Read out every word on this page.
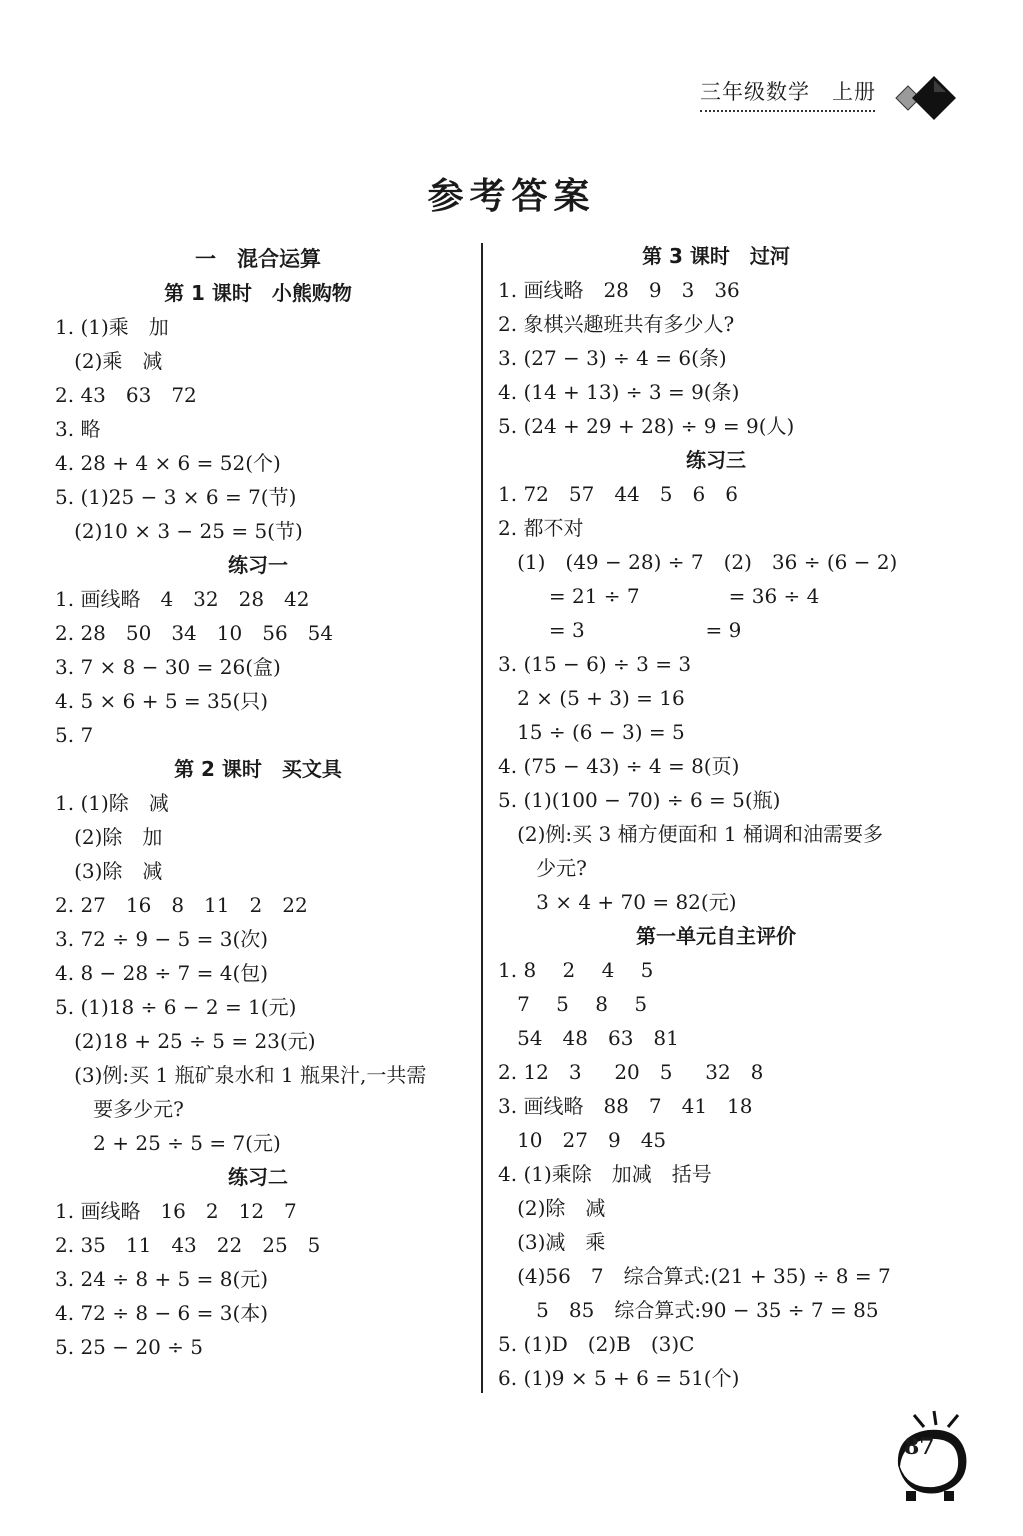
三年级数学　上册
参考答案
一　混合运算
第 1 课时　小熊购物
1. (1)乘　加
(2)乘　减
2. 43　63　72
3. 略
4. 28 + 4 × 6 = 52(个)
5. (1)25 − 3 × 6 = 7(节)
(2)10 × 3 − 25 = 5(节)
练习一
1. 画线略　4　32　28　42
2. 28　50　34　10　56　54
3. 7 × 8 − 30 = 26(盒)
4. 5 × 6 + 5 = 35(只)
5. 7
第 2 课时　买文具
1. (1)除　减
(2)除　加
(3)除　减
2. 27　16　8　11　2　22
3. 72 ÷ 9 − 5 = 3(次)
4. 8 − 28 ÷ 7 = 4(包)
5. (1)18 ÷ 6 − 2 = 1(元)
(2)18 + 25 ÷ 5 = 23(元)
(3)例:买 1 瓶矿泉水和 1 瓶果汁,一共需
要多少元?
2 + 25 ÷ 5 = 7(元)
练习二
1. 画线略　16　2　12　7
2. 35　11　43　22　25　5
3. 24 ÷ 8 + 5 = 8(元)
4. 72 ÷ 8 − 6 = 3(本)
5. 25 − 20 ÷ 5
第 3 课时　过河
1. 画线略　28　9　3　36
2. 象棋兴趣班共有多少人?
3. (27 − 3) ÷ 4 = 6(条)
4. (14 + 13) ÷ 3 = 9(条)
5. (24 + 29 + 28) ÷ 9 = 9(人)
练习三
1. 72　57　44　5　6　6
2. 都不对
(1)　(49 − 28) ÷ 7　(2)　36 ÷ (6 − 2)
= 21 ÷ 7              = 36 ÷ 4
= 3                   = 9
3. (15 − 6) ÷ 3 = 3
2 × (5 + 3) = 16
15 ÷ (6 − 3) = 5
4. (75 − 43) ÷ 4 = 8(页)
5. (1)(100 − 70) ÷ 6 = 5(瓶)
(2)例:买 3 桶方便面和 1 桶调和油需要多
少元?
3 × 4 + 70 = 82(元)
第一单元自主评价
1. 8　 2　 4　 5
7　 5　 8　 5
54　48　63　81
2. 12　3　  20　5　  32　8
3. 画线略　88　7　41　18
10　27　9　45
4. (1)乘除　加减　括号
(2)除　减
(3)减　乘
(4)56　7　综合算式:(21 + 35) ÷ 8 = 7
5　85　综合算式:90 − 35 ÷ 7 = 85
5. (1)D　(2)B　(3)C
6. (1)9 × 5 + 6 = 51(个)
87
